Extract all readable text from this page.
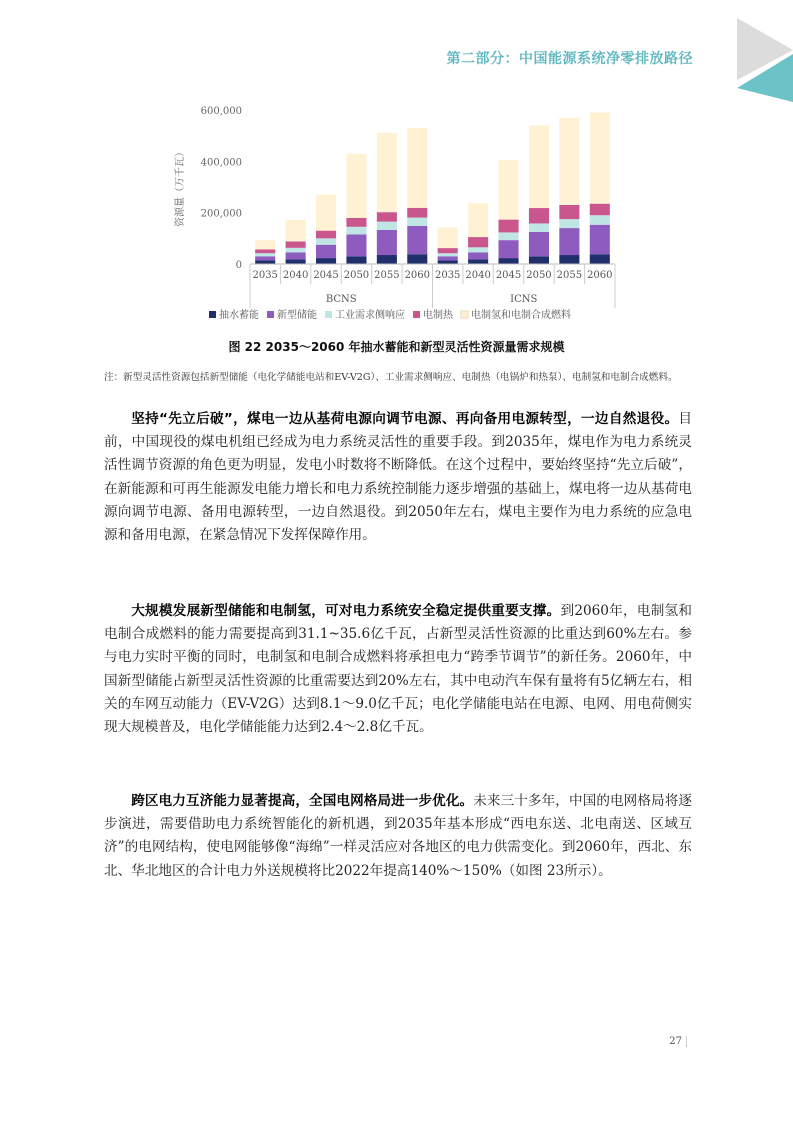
第二部分：中国能源系统净零排放路径
0
200,000
400,000
600,000
资源量（万千瓦）
2035 2040 2045 2050 2055 2060 2035 2040 2045 2050 2055 2060
BCNS	ICNS
抽水蓄能 新型储能 工业需求侧响应 电制热 电制氢和电制合成燃料
图 22 2035～2060 年抽水蓄能和新型灵活性资源量需求规模
注：新型灵活性资源包括新型储能（电化学储能电站和EV-V2G）、工业需求侧响应、电制热（电锅炉和热泵）、电制氢和电制合成燃料。

坚持“先立后破”，煤电一边从基荷电源向调节电源、再向备用电源转型，一边自然退役。目前，中国现役的煤电机组已经成为电力系统灵活性的重要手段。到2035年，煤电作为电力系统灵活性调节资源的角色更为明显，发电小时数将不断降低。在这个过程中，要始终坚持“先立后破”，在新能源和可再生能源发电能力增长和电力系统控制能力逐步增强的基础上，煤电将一边从基荷电源向调节电源、备用电源转型，一边自然退役。到2050年左右，煤电主要作为电力系统的应急电源和备用电源，在紧急情况下发挥保障作用。

大规模发展新型储能和电制氢，可对电力系统安全稳定提供重要支撑。到2060年，电制氢和电制合成燃料的能力需要提高到31.1~35.6亿千瓦，占新型灵活性资源的比重达到60%左右。参与电力实时平衡的同时，电制氢和电制合成燃料将承担电力“跨季节调节”的新任务。2060年，中国新型储能占新型灵活性资源的比重需要达到20%左右，其中电动汽车保有量将有5亿辆左右，相关的车网互动能力（EV-V2G）达到8.1～9.0亿千瓦；电化学储能电站在电源、电网、用电荷侧实现大规模普及，电化学储能能力达到2.4～2.8亿千瓦。

跨区电力互济能力显著提高，全国电网格局进一步优化。未来三十多年，中国的电网格局将逐步演进，需要借助电力系统智能化的新机遇，到2035年基本形成“西电东送、北电南送、区域互济”的电网结构，使电网能够像“海绵”一样灵活应对各地区的电力供需变化。到2060年，西北、东北、华北地区的合计电力外送规模将比2022年提高140%～150%（如图 23所示）。

27
